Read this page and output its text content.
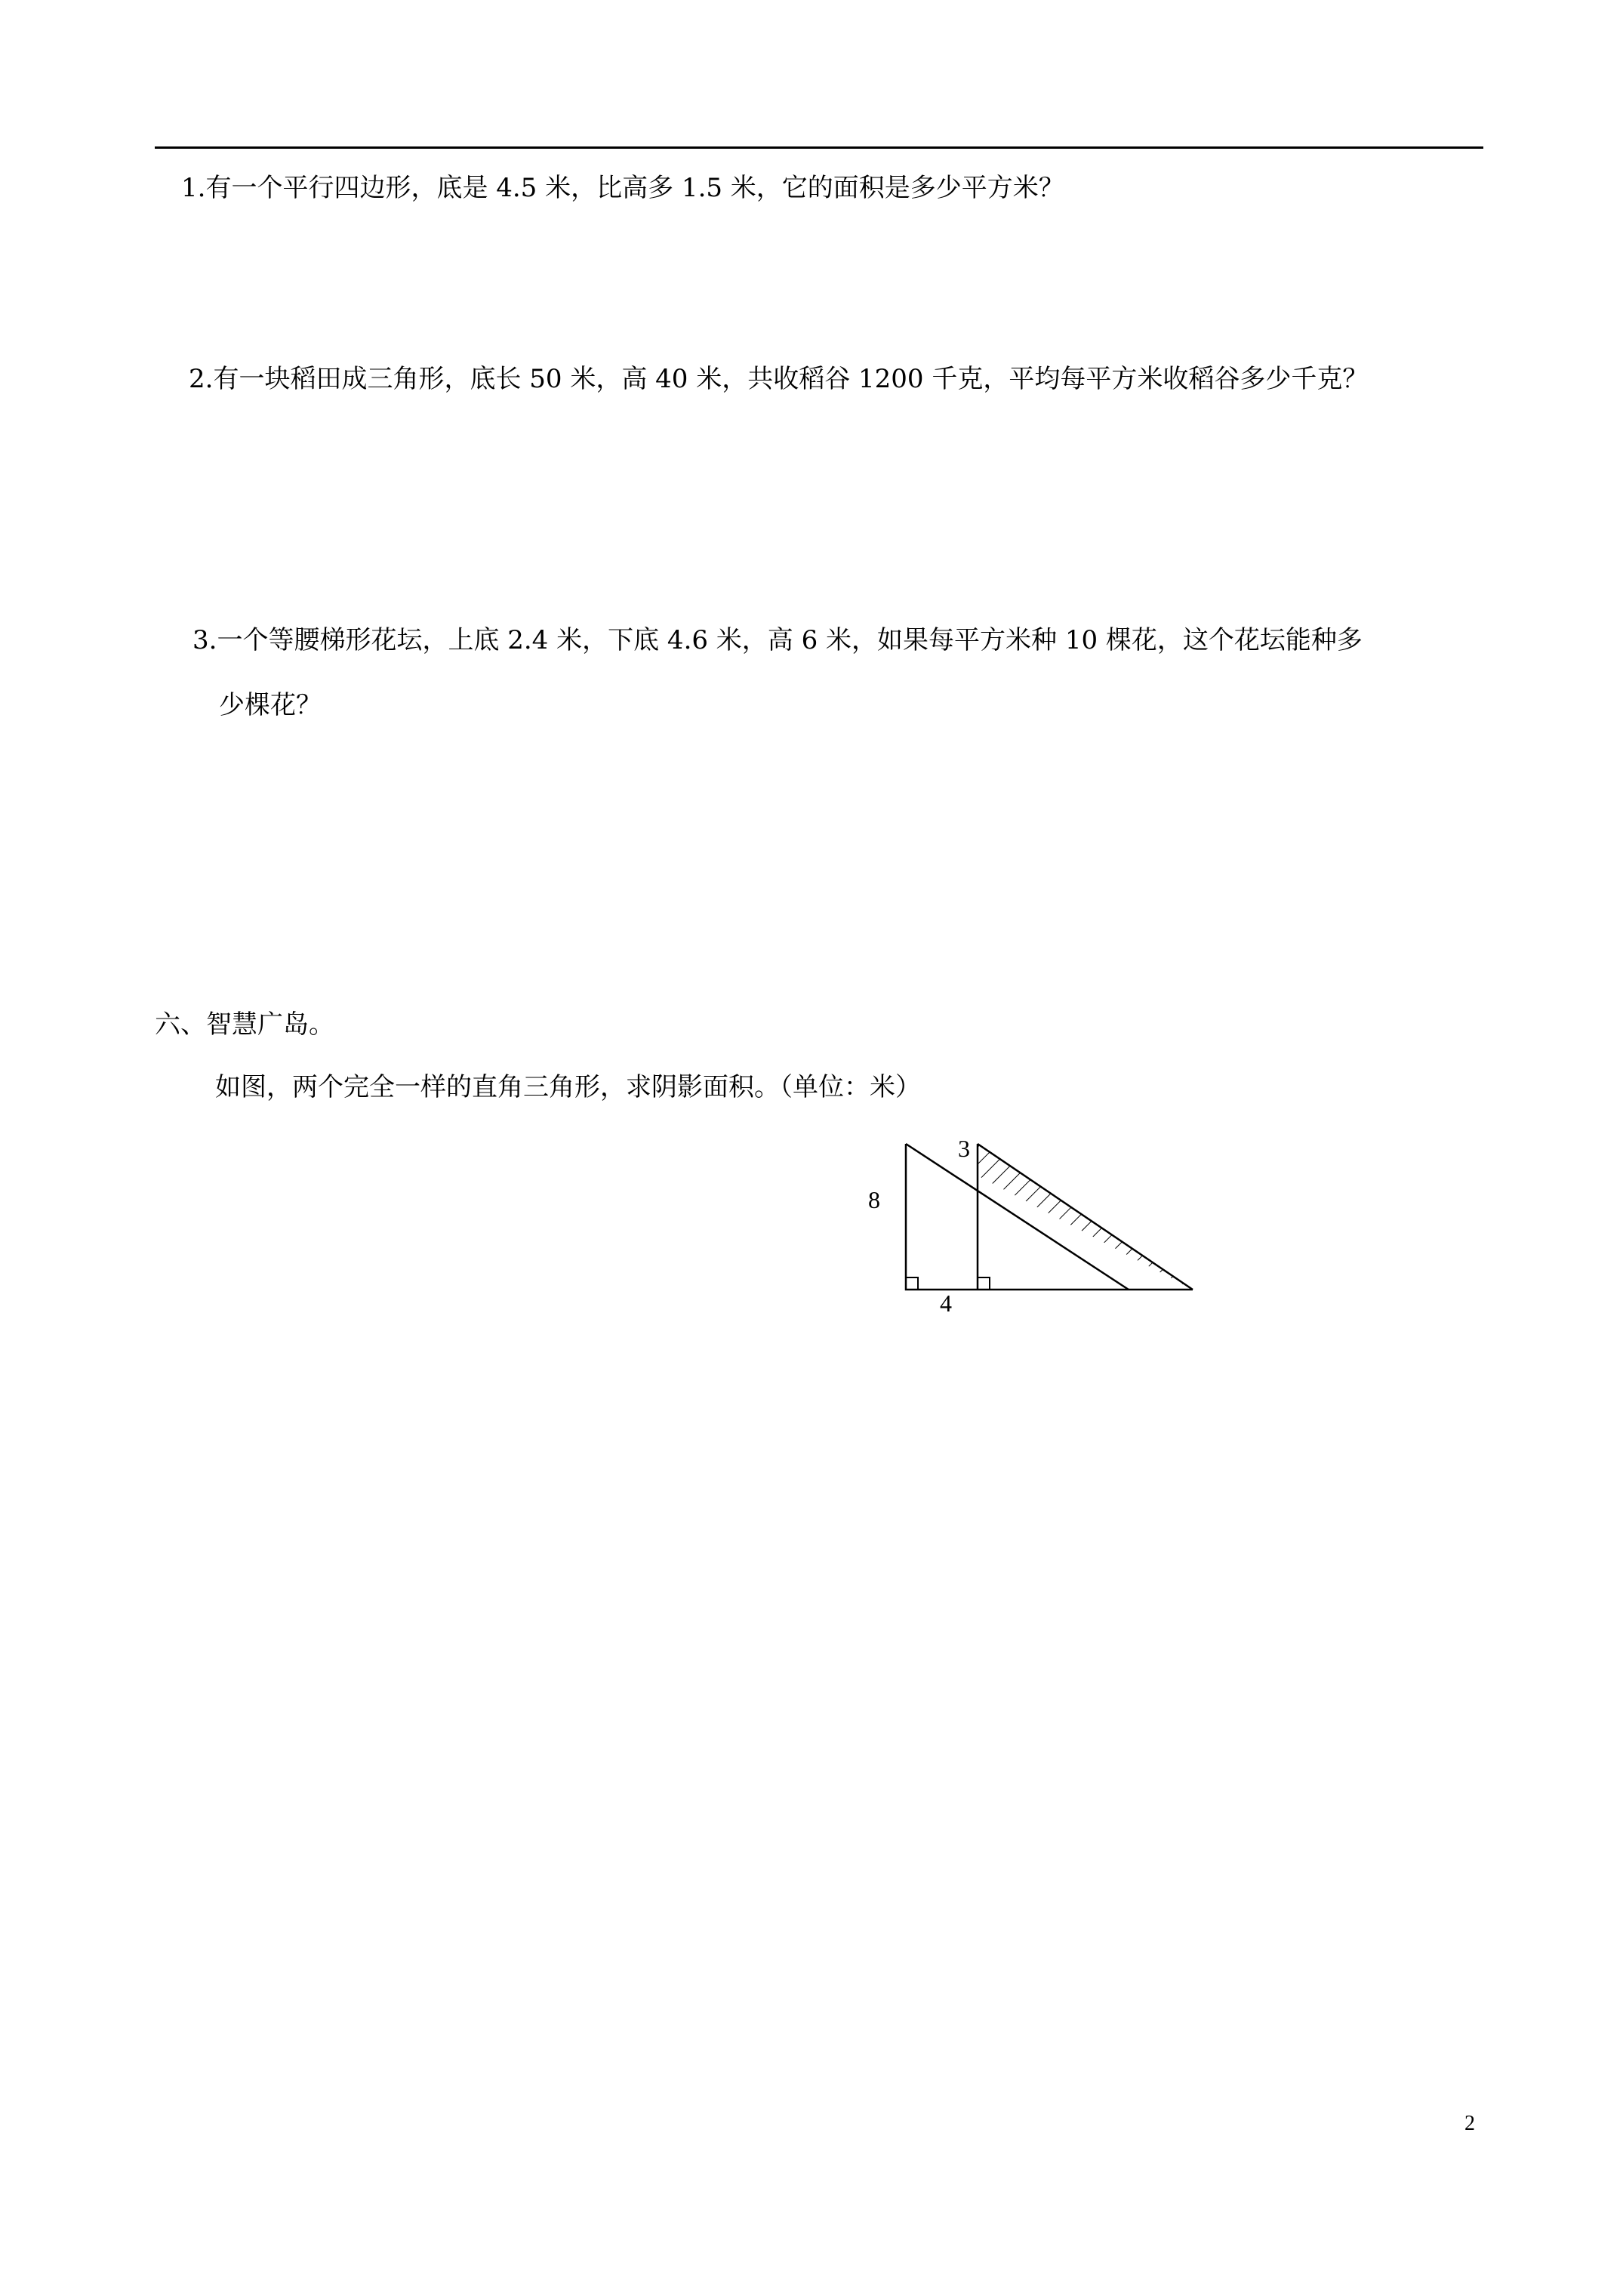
1.有一个平行四边形，底是 4.5 米，比高多 1.5 米，它的面积是多少平方米？
2.有一块稻田成三角形，底长 50 米，高 40 米，共收稻谷 1200 千克，平均每平方米收稻谷多少千克？
3.一个等腰梯形花坛，上底 2.4 米，下底 4.6 米，高 6 米，如果每平方米种 10 棵花，这个花坛能种多
少棵花？
六、智慧广岛。
如图，两个完全一样的直角三角形，求阴影面积。（单位：米）
8
3
4
2
